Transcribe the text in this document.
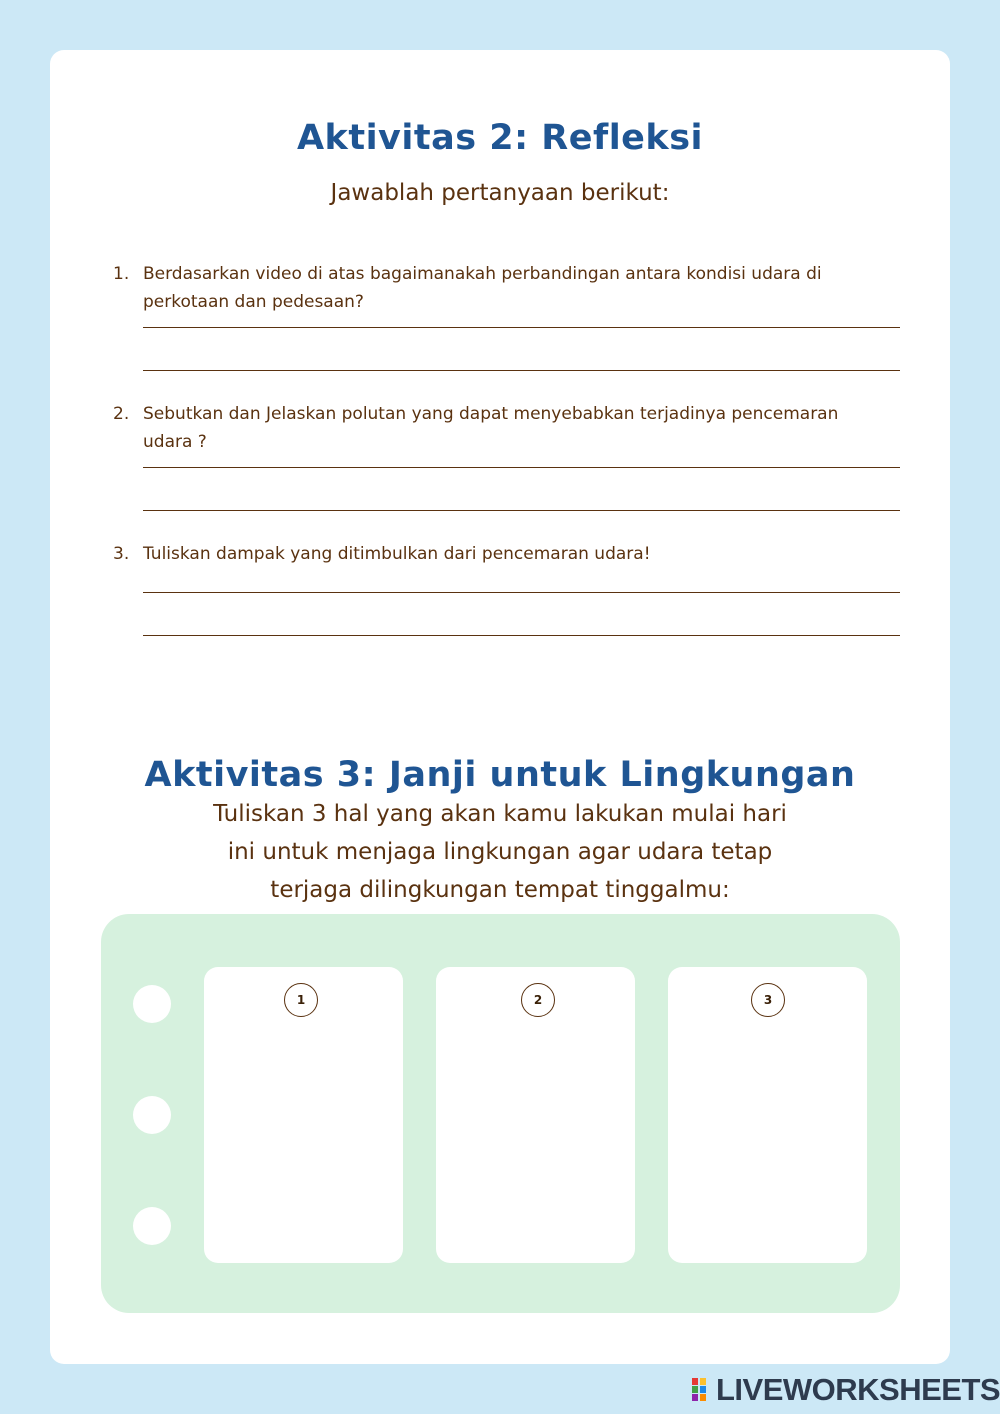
Aktivitas 2: Refleksi

Jawablah pertanyaan berikut:

1. Berdasarkan video di atas bagaimanakah perbandingan antara kondisi udara di perkotaan dan pedesaan?
2. Sebutkan dan Jelaskan polutan yang dapat menyebabkan terjadinya pencemaran udara ?
3. Tuliskan dampak yang ditimbulkan dari pencemaran udara!
Aktivitas 3: Janji untuk Lingkungan

Tuliskan 3 hal yang akan kamu lakukan mulai hari ini untuk menjaga lingkungan agar udara tetap terjaga dilingkungan tempat tinggalmu:

1	2	3
LIVEWORKSHEETS
